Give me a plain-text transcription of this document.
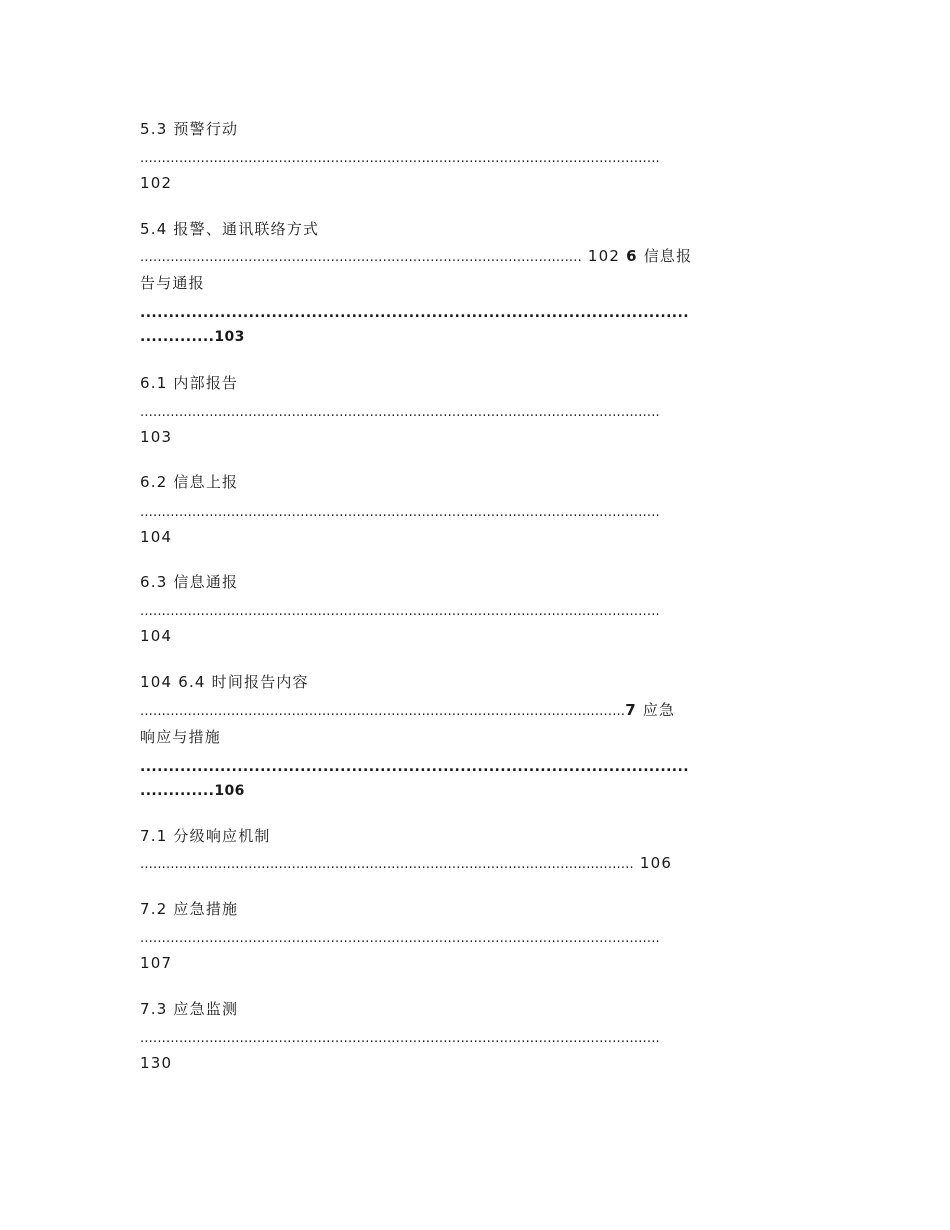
5.3 预警行动
........................................................................................................................
102
5.4 报警、通讯联络方式
...................................................................................................... 102 6 信息报
告与通报
................................................................................................
.............103
6.1 内部报告
........................................................................................................................
103
6.2 信息上报
........................................................................................................................
104
6.3 信息通报
........................................................................................................................
104
104 6.4 时间报告内容
................................................................................................................7 应急
响应与措施
................................................................................................
.............106
7.1 分级响应机制
.................................................................................................................. 106
7.2 应急措施
........................................................................................................................
107
7.3 应急监测
........................................................................................................................
130
